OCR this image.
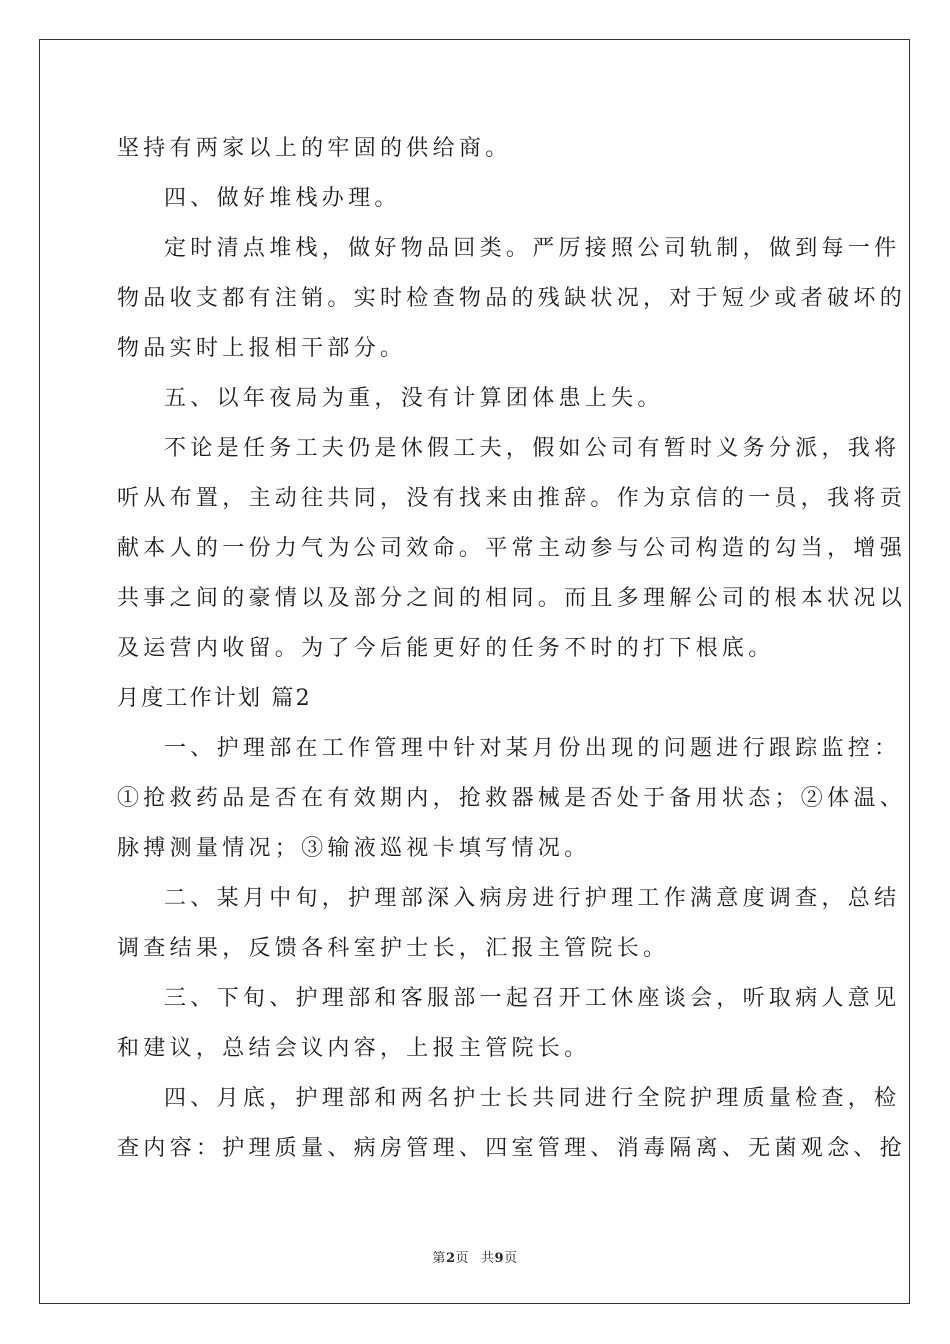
坚持有两家以上的牢固的供给商。
四、做好堆栈办理。
定时清点堆栈，做好物品回类。严厉接照公司轨制，做到每一件
物品收支都有注销。实时检查物品的残缺状况，对于短少或者破坏的
物品实时上报相干部分。
五、以年夜局为重，没有计算团体患上失。
不论是任务工夫仍是休假工夫，假如公司有暂时义务分派，我将
听从布置，主动往共同，没有找来由推辞。作为京信的一员，我将贡
献本人的一份力气为公司效命。平常主动参与公司构造的勾当，增强
共事之间的豪情以及部分之间的相同。而且多理解公司的根本状况以
及运营内收留。为了今后能更好的任务不时的打下根底。
月度工作计划 篇2
一、护理部在工作管理中针对某月份出现的问题进行跟踪监控：
①抢救药品是否在有效期内，抢救器械是否处于备用状态；②体温、
脉搏测量情况；③输液巡视卡填写情况。
二、某月中旬，护理部深入病房进行护理工作满意度调查，总结
调查结果，反馈各科室护士长，汇报主管院长。
三、下旬、护理部和客服部一起召开工休座谈会，听取病人意见
和建议，总结会议内容，上报主管院长。
四、月底，护理部和两名护士长共同进行全院护理质量检查，检
查内容：护理质量、病房管理、四室管理、消毒隔离、无菌观念、抢
第2页 共9页
